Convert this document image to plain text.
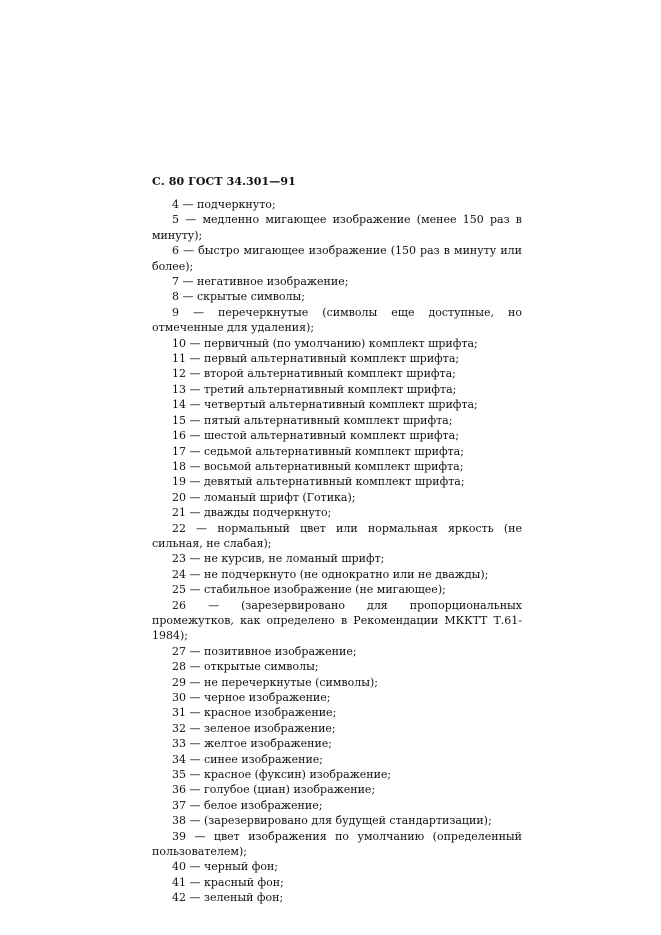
С. 80 ГОСТ 34.301—91

4 — подчеркнуто;

5 — медленно мигающее изображение (менее 150 раз в минуту);

6 — быстро мигающее изображение (150 раз в минуту или более);

7 — негативное изображение;

8 — скрытые символы;

9 — перечеркнутые (символы еще доступные, но отмеченные для удаления);

10 — первичный (по умолчанию) комплект шрифта;

11 — первый альтернативный комплект шрифта;

12 — второй альтернативный комплект шрифта;

13 — третий альтернативный комплект шрифта;

14 — четвертый альтернативный комплект шрифта;

15 — пятый альтернативный комплект шрифта;

16 — шестой альтернативный комплект шрифта;

17 — седьмой альтернативный комплект шрифта;

18 — восьмой альтернативный комплект шрифта;

19 — девятый альтернативный комплект шрифта;

20 — ломаный шрифт (Готика);

21 — дважды подчеркнуто;

22 — нормальный цвет или нормальная яркость (не сильная, не слабая);

23 — не курсив, не ломаный шрифт;

24 — не подчеркнуто (не однократно или не дважды);

25 — стабильное изображение (не мигающее);

26 — (зарезервировано для пропорциональных промежутков, как определено в Рекомендации МККТТ Т.61-1984);

27 — позитивное изображение;

28 — открытые символы;

29 — не перечеркнутые (символы);

30 — черное изображение;

31 — красное изображение;

32 — зеленое изображение;

33 — желтое изображение;

34 — синее изображение;

35 — красное (фуксин) изображение;

36 — голубое (циан) изображение;

37 — белое изображение;

38 — (зарезервировано для будущей стандартизации);

39 — цвет изображения по умолчанию (определенный пользователем);

40 — черный фон;

41 — красный фон;

42 — зеленый фон;
